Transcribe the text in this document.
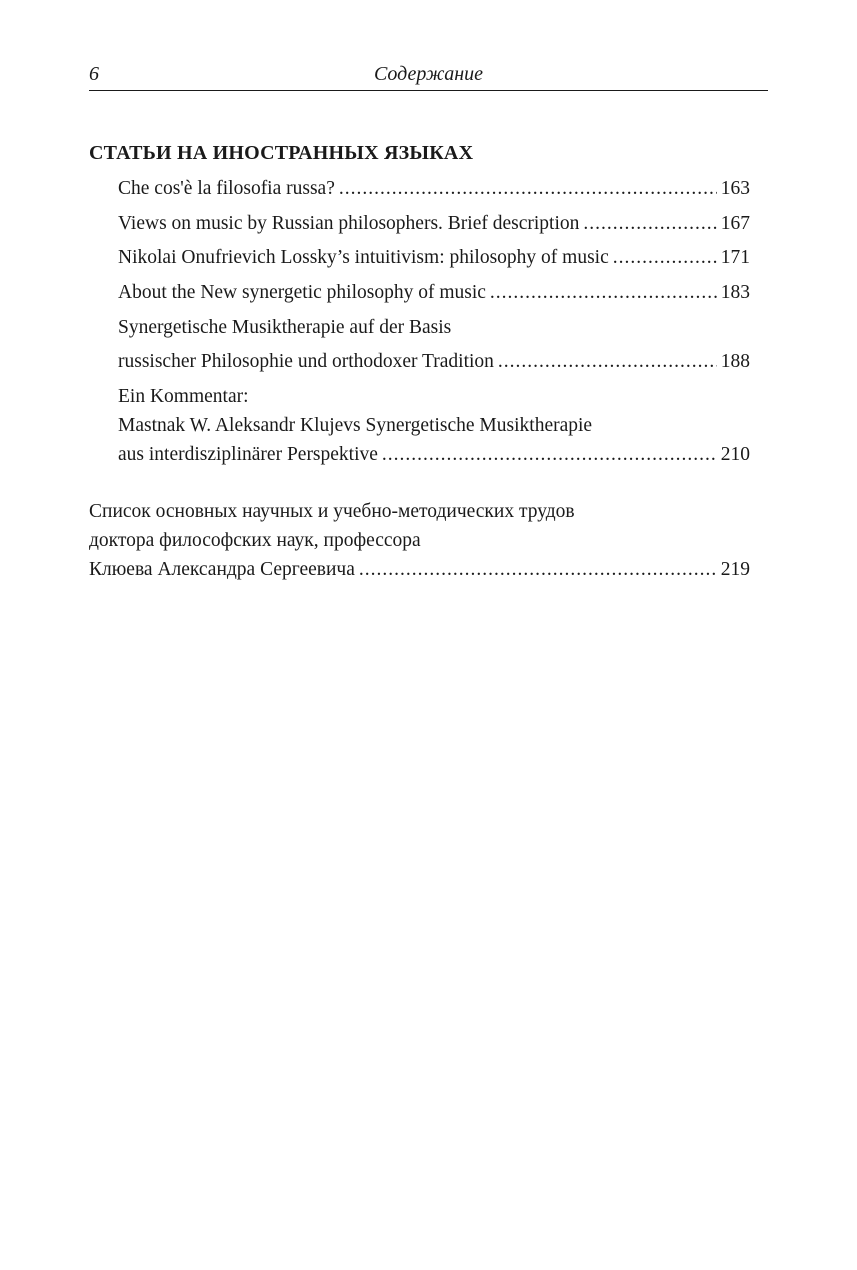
6	Содержание
СТАТЬИ НА ИНОСТРАННЫХ ЯЗЫКАХ
Che cos'è la filosofia russa? .....	163
Views on music by Russian philosophers. Brief description .....	167
Nikolai Onufrievich Lossky’s intuitivism: philosophy of music .....	171
About the New synergetic philosophy of music .....	183
Synergetische Musiktherapie auf der Basis
russischer Philosophie und orthodoxer Tradition .....	188
Ein Kommentar:
Mastnak W. Aleksandr Klujevs Synergetische Musiktherapie
aus interdisziplinärer Perspektive .....	210
Список основных научных и учебно-методических трудов
доктора философских наук, профессора
Клюева Александра Сергеевича .....	219
